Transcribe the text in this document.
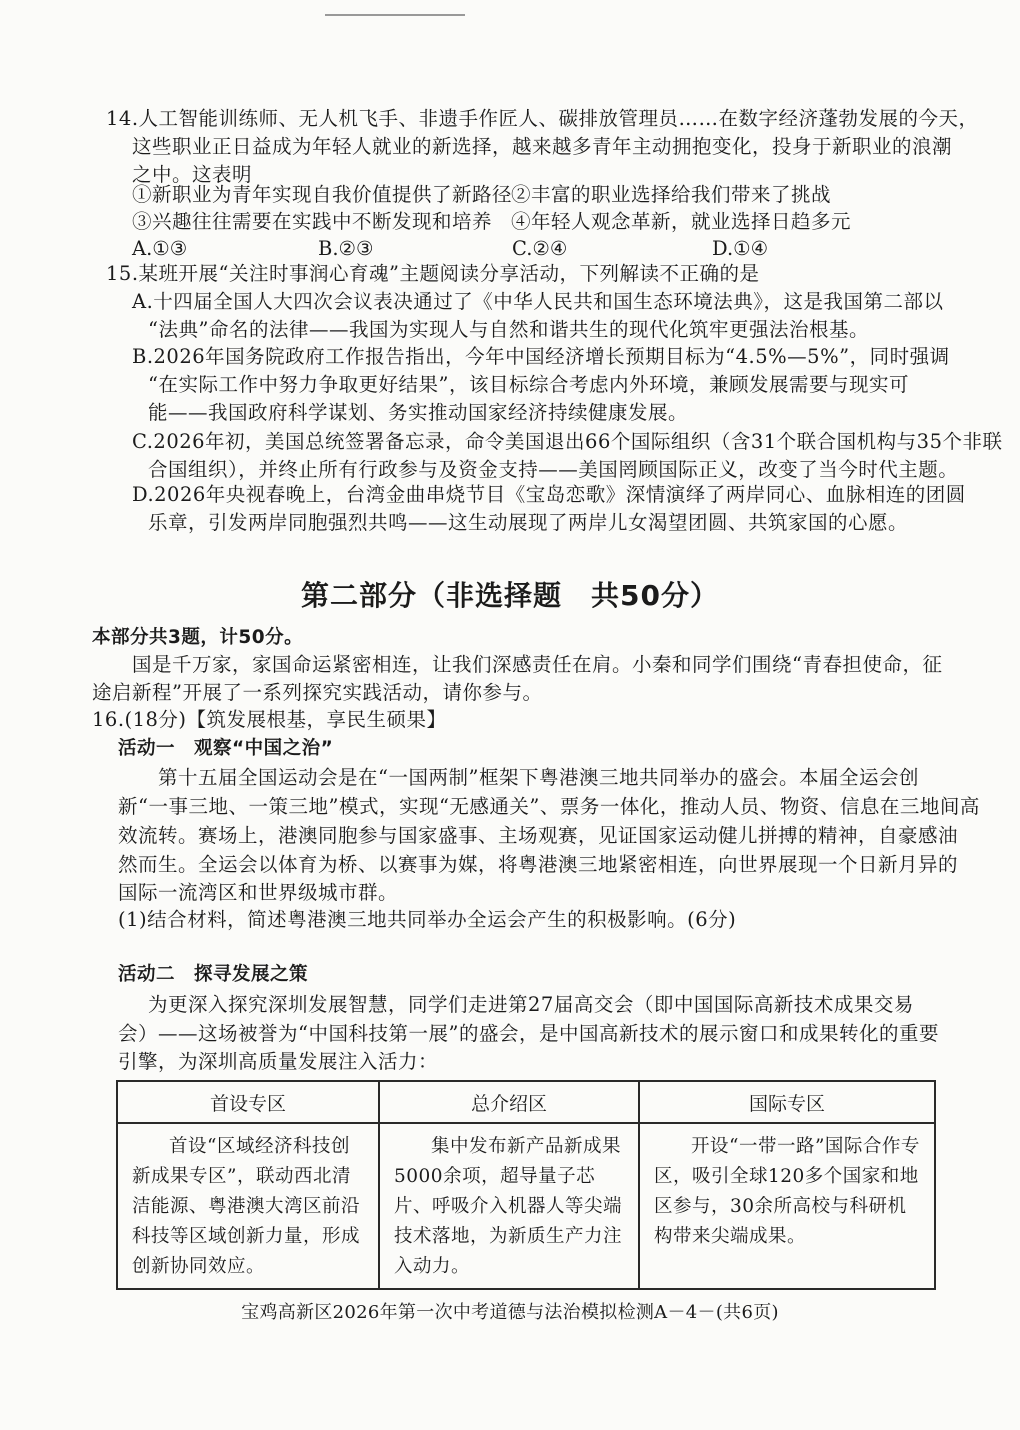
14.人工智能训练师、无人机飞手、非遗手作匠人、碳排放管理员……在数字经济蓬勃发展的今天，
这些职业正日益成为年轻人就业的新选择，越来越多青年主动拥抱变化，投身于新职业的浪潮
之中。这表明
①新职业为青年实现自我价值提供了新路径
②丰富的职业选择给我们带来了挑战
③兴趣往往需要在实践中不断发现和培养 ④年轻人观念革新，就业选择日趋多元
A.①③	B.②③	C.②④	D.①④
15.某班开展“关注时事润心育魂”主题阅读分享活动，下列解读不正确的是
A.十四届全国人大四次会议表决通过了《中华人民共和国生态环境法典》，这是我国第二部以
“法典”命名的法律——我国为实现人与自然和谐共生的现代化筑牢更强法治根基。
B.2026年国务院政府工作报告指出，今年中国经济增长预期目标为“4.5%—5%”，同时强调
“在实际工作中努力争取更好结果”，该目标综合考虑内外环境，兼顾发展需要与现实可
能——我国政府科学谋划、务实推动国家经济持续健康发展。
C.2026年初，美国总统签署备忘录，命令美国退出66个国际组织（含31个联合国机构与35个非联
合国组织），并终止所有行政参与及资金支持——美国罔顾国际正义，改变了当今时代主题。
D.2026年央视春晚上，台湾金曲串烧节目《宝岛恋歌》深情演绎了两岸同心、血脉相连的团圆
乐章，引发两岸同胞强烈共鸣——这生动展现了两岸儿女渴望团圆、共筑家国的心愿。
第二部分（非选择题　共50分）
本部分共3题，计50分。
国是千万家，家国命运紧密相连，让我们深感责任在肩。小秦和同学们围绕“青春担使命，征
途启新程”开展了一系列探究实践活动，请你参与。
16.(18分)【筑发展根基，享民生硕果】
活动一　观察“中国之治”
第十五届全国运动会是在“一国两制”框架下粤港澳三地共同举办的盛会。本届全运会创
新“一事三地、一策三地”模式，实现“无感通关”、票务一体化，推动人员、物资、信息在三地间高
效流转。赛场上，港澳同胞参与国家盛事、主场观赛，见证国家运动健儿拼搏的精神，自豪感油
然而生。全运会以体育为桥、以赛事为媒，将粤港澳三地紧密相连，向世界展现一个日新月异的
国际一流湾区和世界级城市群。
(1)结合材料，简述粤港澳三地共同举办全运会产生的积极影响。(6分)
活动二　探寻发展之策
为更深入探究深圳发展智慧，同学们走进第27届高交会（即中国国际高新技术成果交易
会）——这场被誉为“中国科技第一展”的盛会，是中国高新技术的展示窗口和成果转化的重要
引擎，为深圳高质量发展注入活力：
首设专区	总介绍区	国际专区
首设“区域经济科技创新成果专区”，联动西北清洁能源、粤港澳大湾区前沿科技等区域创新力量，形成创新协同效应。	集中发布新产品新成果5000余项，超导量子芯片、呼吸介入机器人等尖端技术落地，为新质生产力注入动力。	开设“一带一路”国际合作专区，吸引全球120多个国家和地区参与，30余所高校与科研机构带来尖端成果。
宝鸡高新区2026年第一次中考道德与法治模拟检测A－4－(共6页)
